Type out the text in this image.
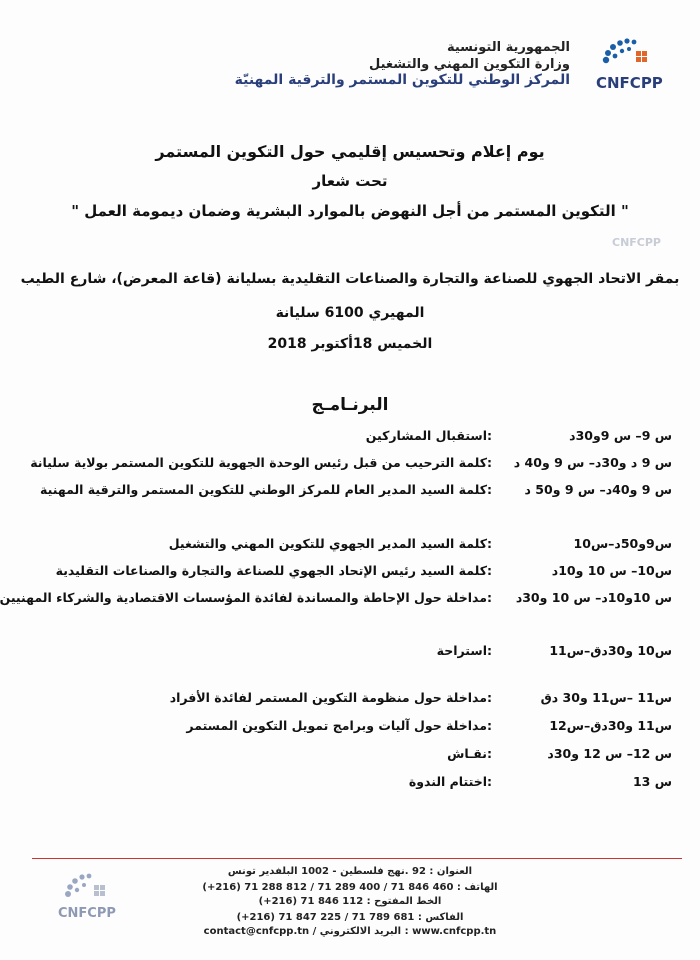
CNFCPP
الجمهورية التونسية
وزارة التكوين المهني والتشغيل
المركز الوطني للتكوين المستمر والترقية المهنيّة
يوم إعلام وتحسيس إقليمي حول التكوين المستمر
تحت شعار
" التكوين المستمر من أجل النهوض بالموارد البشرية وضمان ديمومة العمل "
CNFCPP
بمقر الاتحاد الجهوي للصناعة والتجارة والصناعات التقليدية بسليانة (قاعة المعرض)، شارع الطيب
المهيري 6100 سليانة
الخميس 18أكتوبر 2018
البرنـامـج
س 9– س 9و30د
:استقبال المشاركين
س 9 د و30د– س 9 و40 د
:كلمة الترحيب من قبل رئيس الوحدة الجهوية للتكوين المستمر بولاية سليانة
س 9 و40د– س 9 و50 د
:كلمة السيد المدير العام للمركز الوطني للتكوين المستمر والترقية المهنية
س9و50د–س10
:كلمة السيد المدير الجهوي للتكوين المهني والتشغيل
س10– س 10 و10د
:كلمة السيد رئيس الإتحاد الجهوي للصناعة والتجارة والصناعات التقليدية
س 10و10د– س 10 و30د
:مداخلة حول الإحاطة والمساندة لفائدة المؤسسات الاقتصادية والشركاء المهنيين
س10 و30دق–س11
:استراحة
س11 –س11 و30 دق
:مداخلة حول منظومة التكوين المستمر لفائدة الأفراد
س11 و30دق–س12
:مداخلة حول آليات وبرامج تمويل التكوين المستمر
س 12– س 12 و30د
:نقـاش
س 13
:اختتام الندوة
CNFCPP
العنوان : 92 .نهج فلسطين - 1002 البلفدير تونس
الهاتف : 460 846 71 / 400 289 71 / 812 288 71 (216+)
الخط المفتوح : 112 846 71 (216+)
الفاكس : 681 789 71 / 225 847 71 (216+)
contact@cnfcpp.tn / البريد الالكتروني : www.cnfcpp.tn
